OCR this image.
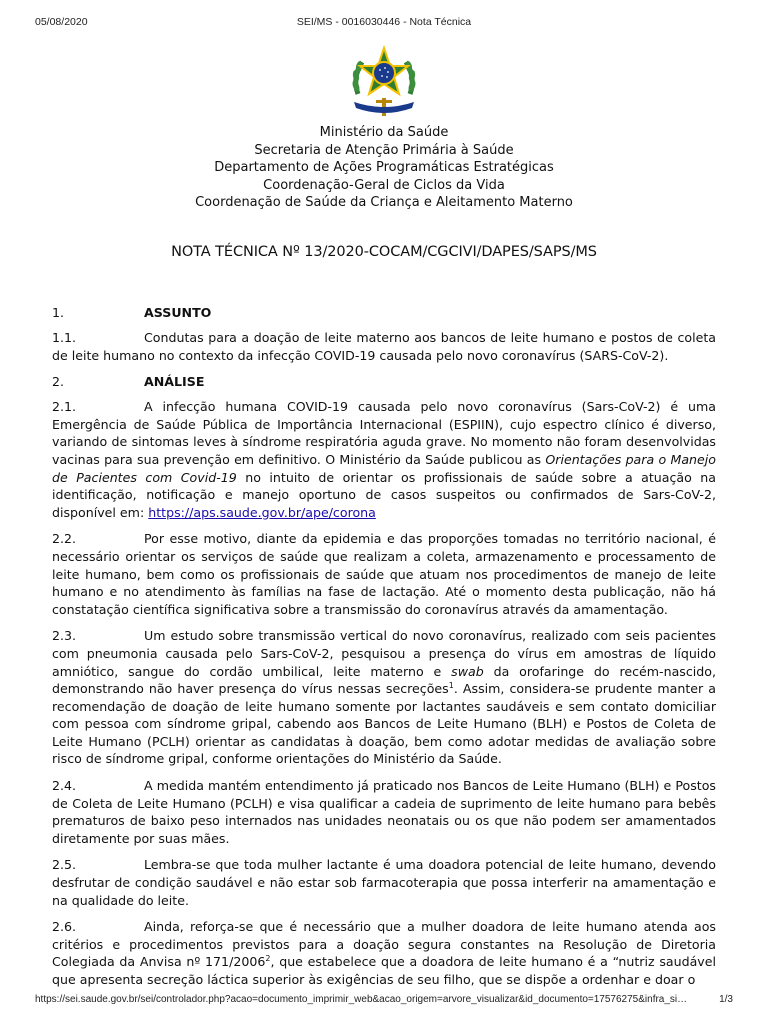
05/08/2020	SEI/MS - 0016030446 - Nota Técnica
Ministério da Saúde
Secretaria de Atenção Primária à Saúde
Departamento de Ações Programáticas Estratégicas
Coordenação-Geral de Ciclos da Vida
Coordenação de Saúde da Criança e Aleitamento Materno
NOTA TÉCNICA Nº 13/2020-COCAM/CGCIVI/DAPES/SAPS/MS
1.	ASSUNTO

1.1.	Condutas para a doação de leite materno aos bancos de leite humano e postos de coleta de leite humano no contexto da infecção COVID-19 causada pelo novo coronavírus (SARS-CoV-2).

2.	ANÁLISE

2.1.	A infecção humana COVID-19 causada pelo novo coronavírus (Sars-CoV-2) é uma Emergência de Saúde Pública de Importância Internacional (ESPIIN), cujo espectro clínico é diverso, variando de sintomas leves à síndrome respiratória aguda grave. No momento não foram desenvolvidas vacinas para sua prevenção em definitivo. O Ministério da Saúde publicou as Orientações para o Manejo de Pacientes com Covid-19 no intuito de orientar os profissionais de saúde sobre a atuação na identificação, notificação e manejo oportuno de casos suspeitos ou confirmados de Sars-CoV-2, disponível em: https://aps.saude.gov.br/ape/corona

2.2.	Por esse motivo, diante da epidemia e das proporções tomadas no território nacional, é necessário orientar os serviços de saúde que realizam a coleta, armazenamento e processamento de leite humano, bem como os profissionais de saúde que atuam nos procedimentos de manejo de leite humano e no atendimento às famílias na fase de lactação. Até o momento desta publicação, não há constatação científica significativa sobre a transmissão do coronavírus através da amamentação.

2.3.	Um estudo sobre transmissão vertical do novo coronavírus, realizado com seis pacientes com pneumonia causada pelo Sars-CoV-2, pesquisou a presença do vírus em amostras de líquido amniótico, sangue do cordão umbilical, leite materno e swab da orofaringe do recém-nascido, demonstrando não haver presença do vírus nessas secreções$^1$. Assim, considera-se prudente manter a recomendação de doação de leite humano somente por lactantes saudáveis e sem contato domiciliar com pessoa com síndrome gripal, cabendo aos Bancos de Leite Humano (BLH) e Postos de Coleta de Leite Humano (PCLH) orientar as candidatas à doação, bem como adotar medidas de avaliação sobre risco de síndrome gripal, conforme orientações do Ministério da Saúde.

2.4.	A medida mantém entendimento já praticado nos Bancos de Leite Humano (BLH) e Postos de Coleta de Leite Humano (PCLH) e visa qualificar a cadeia de suprimento de leite humano para bebês prematuros de baixo peso internados nas unidades neonatais ou os que não podem ser amamentados diretamente por suas mães.

2.5.	Lembra-se que toda mulher lactante é uma doadora potencial de leite humano, devendo desfrutar de condição saudável e não estar sob farmacoterapia que possa interferir na amamentação e na qualidade do leite.

2.6.	Ainda, reforça-se que é necessário que a mulher doadora de leite humano atenda aos critérios e procedimentos previstos para a doação segura constantes na Resolução de Diretoria Colegiada da Anvisa nº 171/2006$^2$, que estabelece que a doadora de leite humano é a “nutriz saudável que apresenta secreção láctica superior às exigências de seu filho, que se dispõe a ordenhar e doar o

https://sei.saude.gov.br/sei/controlador.php?acao=documento_imprimir_web&acao_origem=arvore_visualizar&id_documento=17576275&infra_si…	1/3
